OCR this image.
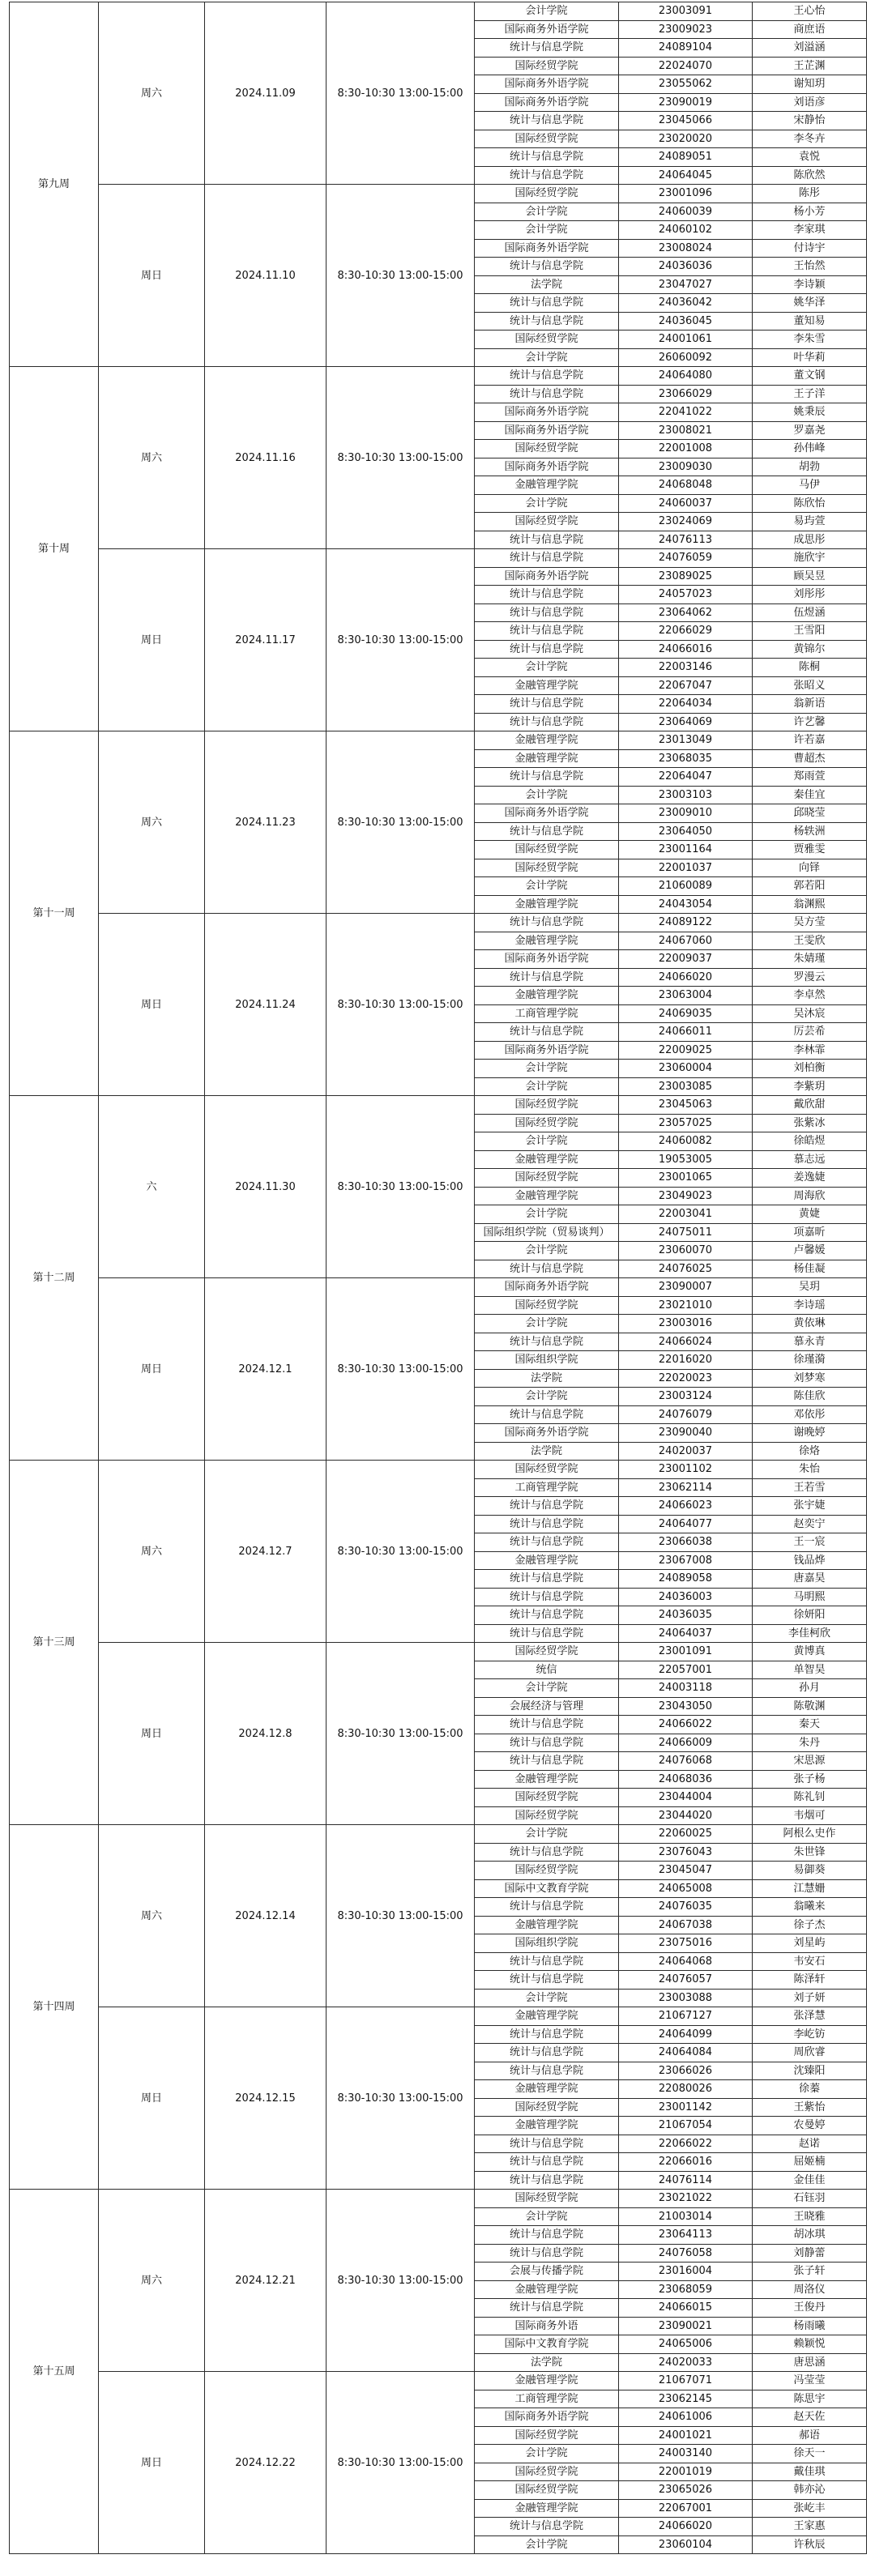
第九周	周六	2024.11.09	8:30-10:30 13:00-15:00	会计学院	23003091	王心怡
				国际商务外语学院	23009023	商庶语
				统计与信息学院	24089104	刘溢涵
				国际经贸学院	22024070	王芷渊
				国际商务外语学院	23055062	谢知玥
				国际商务外语学院	23090019	刘语彦
				统计与信息学院	23045066	宋静怡
				国际经贸学院	23020020	李冬卉
				统计与信息学院	24089051	袁悦
				统计与信息学院	24064045	陈欣然
	周日	2024.11.10	8:30-10:30 13:00-15:00	国际经贸学院	23001096	陈彤
				会计学院	24060039	杨小芳
				会计学院	24060102	李家琪
				国际商务外语学院	23008024	付诗宇
				统计与信息学院	24036036	王怡然
				法学院	23047027	李诗颖
				统计与信息学院	24036042	姚华泽
				统计与信息学院	24036045	董知易
				国际经贸学院	24001061	李朱雪
				会计学院	26060092	叶华莉
第十周	周六	2024.11.16	8:30-10:30 13:00-15:00	统计与信息学院	24064080	董文钢
				统计与信息学院	23066029	王子洋
				国际商务外语学院	22041022	姚秉辰
				国际商务外语学院	23008021	罗嘉尧
				国际经贸学院	22001008	孙伟峰
				国际商务外语学院	23009030	胡勃
				金融管理学院	24068048	马伊
				会计学院	24060037	陈欣怡
				国际经贸学院	23024069	易玙萱
				统计与信息学院	24076113	成思彤
	周日	2024.11.17	8:30-10:30 13:00-15:00	统计与信息学院	24076059	施欣宇
				国际商务外语学院	23089025	顾吴昱
				统计与信息学院	24057023	刘彤彤
				统计与信息学院	23064062	伍煜涵
				统计与信息学院	22066029	王雪阳
				统计与信息学院	24066016	黄锦尔
				会计学院	22003146	陈桐
				金融管理学院	22067047	张昭义
				统计与信息学院	22064034	翁新语
				统计与信息学院	23064069	许艺馨
第十一周	周六	2024.11.23	8:30-10:30 13:00-15:00	金融管理学院	23013049	许若嘉
				金融管理学院	23068035	曹超杰
				统计与信息学院	22064047	郑雨萱
				会计学院	23003103	秦佳宜
				国际商务外语学院	23009010	邱晓莹
				统计与信息学院	23064050	杨轶洲
				国际经贸学院	23001164	贾雅雯
				国际经贸学院	22001037	向铎
				会计学院	21060089	郭若阳
				金融管理学院	24043054	翁渊熙
	周日	2024.11.24	8:30-10:30 13:00-15:00	统计与信息学院	24089122	吴方莹
				金融管理学院	24067060	王雯欣
				国际商务外语学院	22009037	朱婧瑾
				统计与信息学院	24066020	罗漫云
				金融管理学院	23063004	李卓然
				工商管理学院	24069035	吴沐宸
				统计与信息学院	24066011	厉芸希
				国际商务外语学院	22009025	李林霏
				会计学院	23060004	刘柏衡
				会计学院	23003085	李紫玥
第十二周	六	2024.11.30	8:30-10:30 13:00-15:00	国际经贸学院	23045063	戴欣甜
				国际经贸学院	23057025	张紫冰
				会计学院	24060082	徐皓煜
				金融管理学院	19053005	慕志远
				国际经贸学院	23001065	姜逸婕
				金融管理学院	23049023	周海欣
				会计学院	22003041	黄婕
				国际组织学院（贸易谈判）	24075011	项嘉昕
				会计学院	23060070	卢馨媛
				统计与信息学院	24076025	杨佳凝
	周日	2024.12.1	8:30-10:30 13:00-15:00	国际商务外语学院	23090007	吴玥
				国际经贸学院	23021010	李诗瑶
				会计学院	23003016	黄依琳
				统计与信息学院	24066024	慕永青
				国际组织学院	22016020	徐瑾漪
				法学院	22020023	刘梦寒
				会计学院	23003124	陈佳欣
				统计与信息学院	24076079	邓依彤
				国际商务外语学院	23090040	谢晚婷
				法学院	24020037	徐烙
第十三周	周六	2024.12.7	8:30-10:30 13:00-15:00	国际经贸学院	23001102	朱怡
				工商管理学院	23062114	王若雪
				统计与信息学院	24066023	张宇婕
				统计与信息学院	24064077	赵奕宁
				统计与信息学院	23066038	王一宸
				金融管理学院	23067008	钱品烨
				统计与信息学院	24089058	唐嘉昊
				统计与信息学院	24036003	马明熙
				统计与信息学院	24036035	徐妍阳
				统计与信息学院	24064037	李佳柯欣
	周日	2024.12.8	8:30-10:30 13:00-15:00	国际经贸学院	23001091	黄博真
				统信	22057001	单智昊
				会计学院	24003118	孙月
				会展经济与管理	23043050	陈敬渊
				统计与信息学院	24066022	秦天
				统计与信息学院	24066009	朱丹
				统计与信息学院	24076068	宋思源
				金融管理学院	24068036	张子杨
				国际经贸学院	23044004	陈礼钊
				国际经贸学院	23044020	韦烟可
第十四周	周六	2024.12.14	8:30-10:30 13:00-15:00	会计学院	22060025	阿根么史作
				统计与信息学院	23076043	朱世锋
				国际经贸学院	23045047	易御葵
				国际中文教育学院	24065008	江慧姗
				统计与信息学院	24076035	翁曦来
				金融管理学院	24067038	徐子杰
				国际组织学院	23075016	刘星屿
				统计与信息学院	24064068	韦安石
				统计与信息学院	24076057	陈泽轩
				会计学院	23003088	刘子妍
	周日	2024.12.15	8:30-10:30 13:00-15:00	金融管理学院	21067127	张泽慧
				统计与信息学院	24064099	李屹钫
				统计与信息学院	24064084	周欣睿
				统计与信息学院	23066026	沈臻阳
				金融管理学院	22080026	徐蓁
				国际经贸学院	23001142	王紫怡
				金融管理学院	21067054	农曼婷
				统计与信息学院	22066022	赵诺
				统计与信息学院	22066016	屈姬楠
				统计与信息学院	24076114	金佳佳
第十五周	周六	2024.12.21	8:30-10:30 13:00-15:00	国际经贸学院	23021022	石钰羽
				会计学院	21003014	王晓雅
				统计与信息学院	23064113	胡冰琪
				统计与信息学院	24076058	刘静蕾
				会展与传播学院	23016004	张子轩
				金融管理学院	23068059	周洛仪
				统计与信息学院	24066015	王俊丹
				国际商务外语	23090021	杨雨曦
				国际中文教育学院	24065006	赖颖悦
				法学院	24020033	唐思涵
	周日	2024.12.22	8:30-10:30 13:00-15:00	金融管理学院	21067071	冯莹莹
				工商管理学院	23062145	陈思宇
				国际商务外语学院	24061006	赵天佐
				国际经贸学院	24001021	郝语
				会计学院	24003140	徐天一
				国际经贸学院	22001019	戴佳琪
				国际经贸学院	23065026	韩亦沁
				金融管理学院	22067001	张屹丰
				统计与信息学院	24066020	王家惠
				会计学院	23060104	许秋辰
